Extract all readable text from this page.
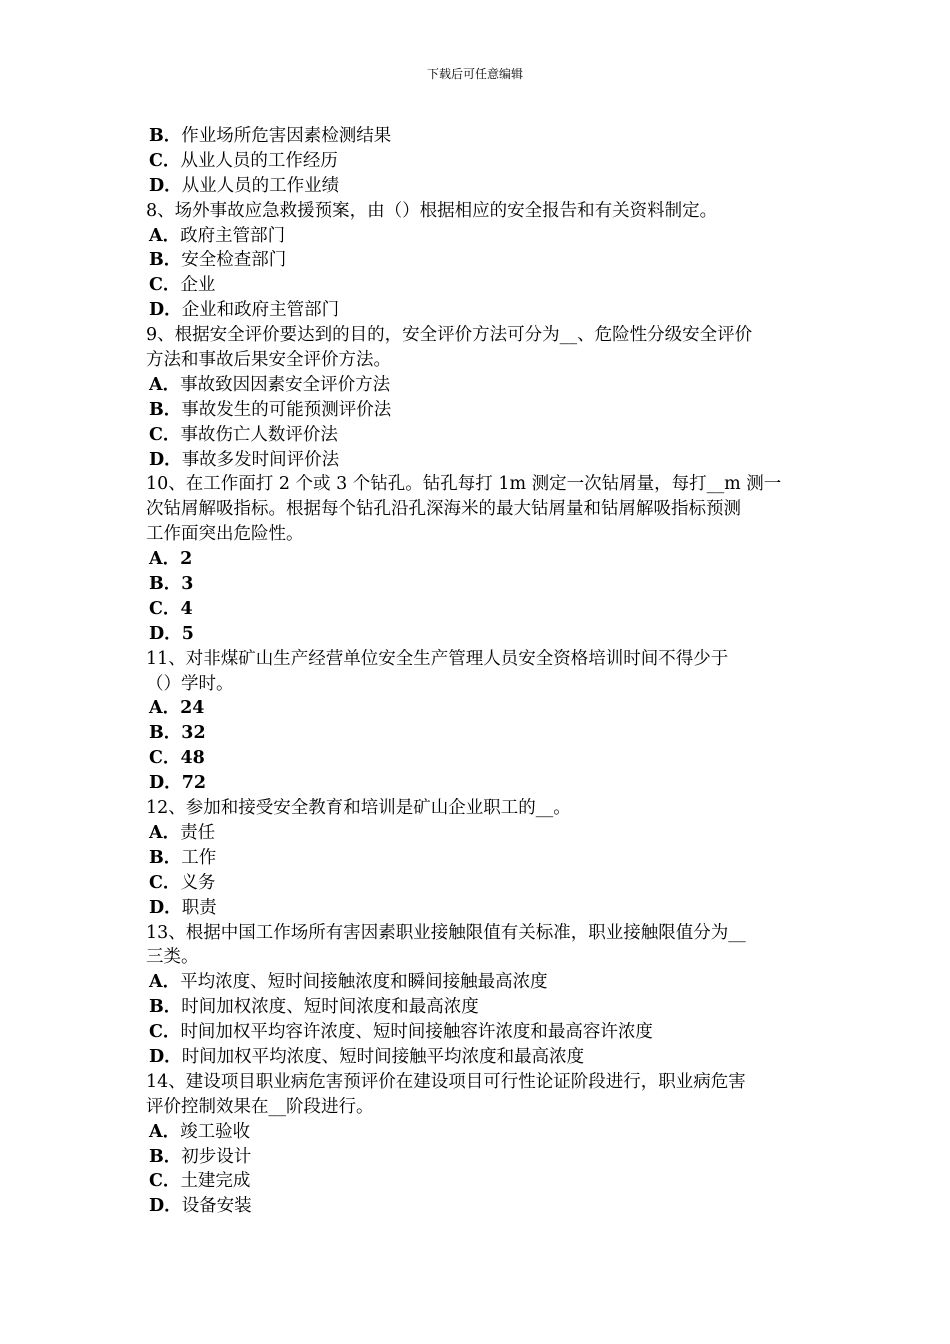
下载后可任意编辑
B．作业场所危害因素检测结果
C．从业人员的工作经历
D．从业人员的工作业绩
8、场外事故应急救援预案，由（）根据相应的安全报告和有关资料制定。
A．政府主管部门
B．安全检查部门
C．企业
D．企业和政府主管部门
9、根据安全评价要达到的目的，安全评价方法可分为__、危险性分级安全评价
方法和事故后果安全评价方法。
A．事故致因因素安全评价方法
B．事故发生的可能预测评价法
C．事故伤亡人数评价法
D．事故多发时间评价法
10、在工作面打 2 个或 3 个钻孔。钻孔每打 1m 测定一次钻屑量，每打__m 测一
次钻屑解吸指标。根据每个钻孔沿孔深海米的最大钻屑量和钻屑解吸指标预测
工作面突出危险性。
A．2
B．3
C．4
D．5
11、对非煤矿山生产经营单位安全生产管理人员安全资格培训时间不得少于
（）学时。
A．24
B．32
C．48
D．72
12、参加和接受安全教育和培训是矿山企业职工的__。
A．责任
B．工作
C．义务
D．职责
13、根据中国工作场所有害因素职业接触限值有关标准，职业接触限值分为__
三类。
A．平均浓度、短时间接触浓度和瞬间接触最高浓度
B．时间加权浓度、短时间浓度和最高浓度
C．时间加权平均容许浓度、短时间接触容许浓度和最高容许浓度
D．时间加权平均浓度、短时间接触平均浓度和最高浓度
14、建设项目职业病危害预评价在建设项目可行性论证阶段进行，职业病危害
评价控制效果在__阶段进行。
A．竣工验收
B．初步设计
C．土建完成
D．设备安装
